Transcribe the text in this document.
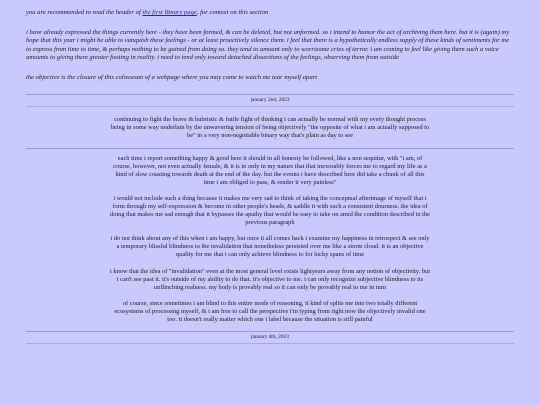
you are recommended to read the header of the first Binary page, for context on this section

i have already expressed the things currently here - they have been formed, & can be deleted, but not unformed. so i intend to humor the act of archiving them here. but it is (again) my hope that this year i might be able to vanquish these feelings - or at least proactively silence them. i feel that there is a hypothetically endless supply of these kinds of sentiments for me to express from time to time, & perhaps nothing to be gained from doing so. they tend to amount only to worrisome cries of terror. i am coming to feel like giving them such a voice amounts to giving them greater footing in reality. i need to tend only toward detached dissections of the feelings, observing them from outside

the objective is the closure of this colosseum of a webpage where you may come to watch me tear myself apart

january 2nd, 2023

continuing to fight the brave & hubristic & futile fight of thinking i can actually be normal with my every thought process being in some way underlain by the unwavering tension of being objectively "the opposite of what i am actually supposed to be" in a very non-negotiable binary way that's plain as day to see

each time i report something happy & good here it should in all honesty be followed, like a non sequitur, with "i am, of course, however, not even actually female, & it is in only in my nature that that inexorably forces me to regard my life as a kind of slow coasting towards death at the end of the day. but the events i have described here did take a chunk of all this time i am obliged to pass, & render it very painless"

i would not include such a thing because it makes me very sad to think of taking the conceptual afterimage of myself that i form through my self-expression & become in other people's heads, & saddle it with such a consistent dourness. the idea of doing that makes me sad enough that it bypasses the apathy that would be easy to take on amid the condition described in the previous paragraph

i do not think about any of this when i am happy, but once it all comes back i examine my happiness in retrospect & see only a temporary blissful blindness to the invalidation that nonetheless persisted over me like a storm cloud. it is an objective quality for me that i can only achieve blindness to for lucky spans of time

i know that the idea of "invalidation" even at the most general level exists lightyears away from any notion of objectivity. but i can't see past it. it's outside of my ability to do that. it's objective to me. i can only recognize subjective blindness to its unflinching realness. my body is provably real so it can only be provably real to me in turn

of course, since sometimes i am blind to this entire mode of reasoning, it kind of splits me into two totally different ecosystems of processing myself, & i am free to call the perspective i'm typing from right now the objectively invalid one too. it doesn't really matter which one i label because the situation is still painful

january 4th, 2023
